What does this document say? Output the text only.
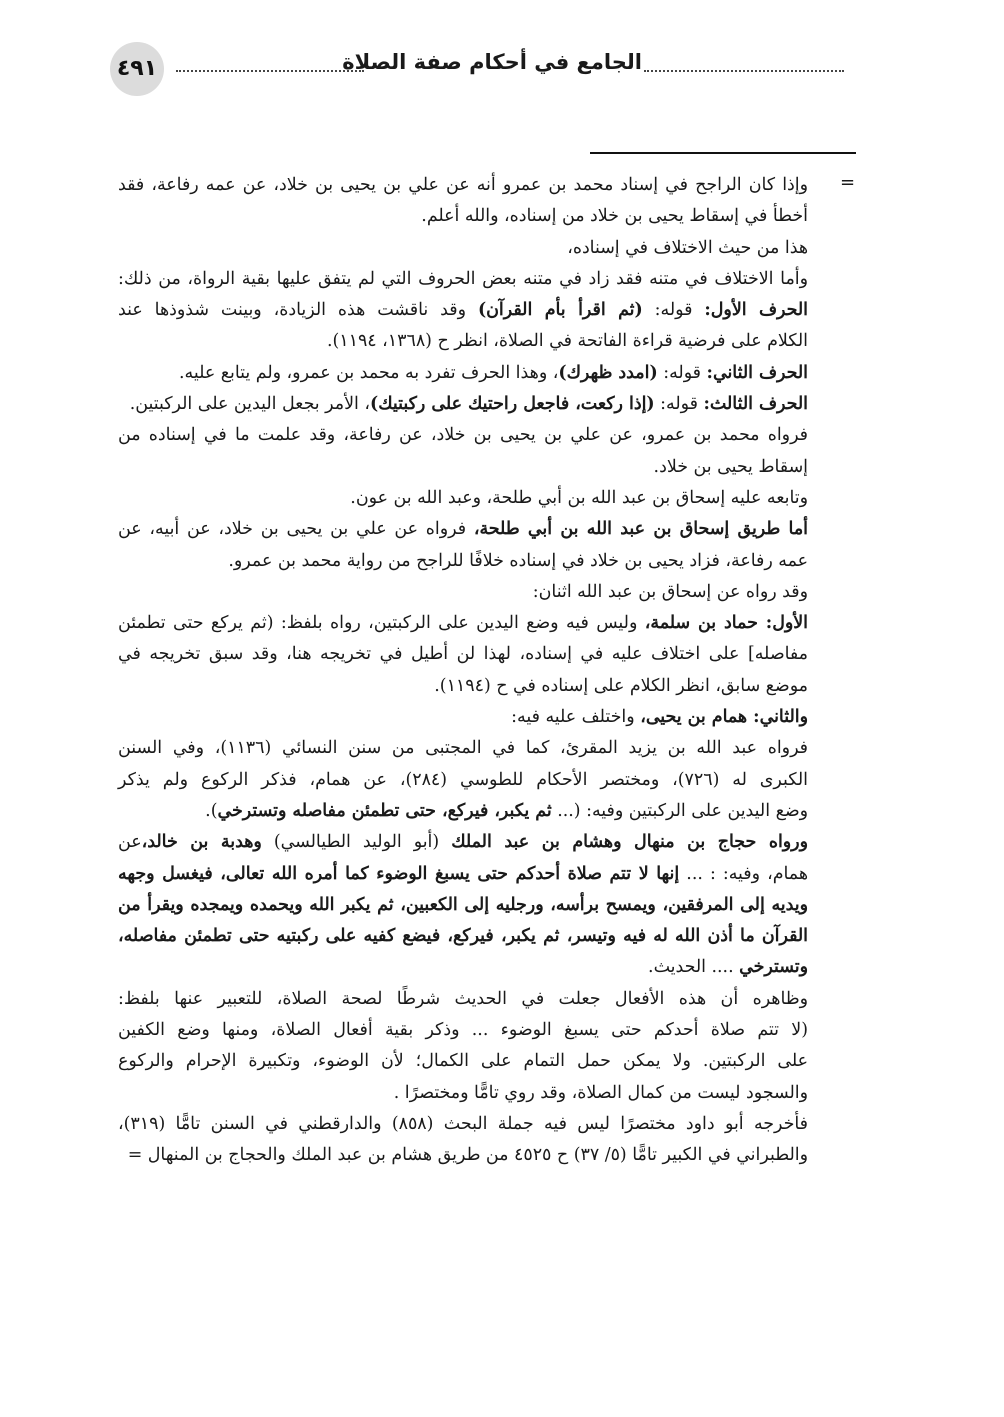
٤٩١	الجامع في أحكام صفة الصلاة
=

وإذا كان الراجح في إسناد محمد بن عمرو أنه عن علي بن يحيى بن خلاد، عن عمه رفاعة، فقد

أخطأ في إسقاط يحيى بن خلاد من إسناده، والله أعلم.

هذا من حيث الاختلاف في إسناده،

وأما الاختلاف في متنه فقد زاد في متنه بعض الحروف التي لم يتفق عليها بقية الرواة، من ذلك:

الحرف الأول: قوله: (ثم اقرأ بأم القرآن) وقد ناقشت هذه الزيادة، وبينت شذوذها عند

الكلام على فرضية قراءة الفاتحة في الصلاة، انظر ح (١٣٦٨، ١١٩٤).

الحرف الثاني: قوله: (امدد ظهرك)، وهذا الحرف تفرد به محمد بن عمرو، ولم يتابع عليه.

الحرف الثالث: قوله: (إذا ركعت، فاجعل راحتيك على ركبتيك)، الأمر بجعل اليدين على الركبتين.

فرواه محمد بن عمرو، عن علي بن يحيى بن خلاد، عن رفاعة، وقد علمت ما في إسناده من

إسقاط يحيى بن خلاد.

وتابعه عليه إسحاق بن عبد الله بن أبي طلحة، وعبد الله بن عون.

أما طريق إسحاق بن عبد الله بن أبي طلحة، فرواه عن علي بن يحيى بن خلاد، عن أبيه، عن

عمه رفاعة، فزاد يحيى بن خلاد في إسناده خلافًا للراجح من رواية محمد بن عمرو.

وقد رواه عن إسحاق بن عبد الله اثنان:

الأول: حماد بن سلمة، وليس فيه وضع اليدين على الركبتين، رواه بلفظ: (ثم يركع حتى تطمئن

مفاصله] على اختلاف عليه في إسناده، لهذا لن أطيل في تخريجه هنا، وقد سبق تخريجه في

موضع سابق، انظر الكلام على إسناده في ح (١١٩٤).

والثاني: همام بن يحيى، واختلف عليه فيه:

فرواه عبد الله بن يزيد المقرئ، كما في المجتبى من سنن النسائي (١١٣٦)، وفي السنن

الكبرى له (٧٢٦)، ومختصر الأحكام للطوسي (٢٨٤)، عن همام، فذكر الركوع ولم يذكر

وضع اليدين على الركبتين وفيه: (... ثم يكبر، فيركع، حتى تطمئن مفاصله وتسترخي).

ورواه حجاج بن منهال وهشام بن عبد الملك (أبو الوليد الطيالسي) وهدبة بن خالد،عن

همام، وفيه: : ... إنها لا تتم صلاة أحدكم حتى يسبغ الوضوء كما أمره الله تعالى، فيغسل وجهه

ويديه إلى المرفقين، ويمسح برأسه، ورجليه إلى الكعبين، ثم يكبر الله ويحمده ويمجده ويقرأ من

القرآن ما أذن الله له فيه وتيسر، ثم يكبر، فيركع، فيضع كفيه على ركبتيه حتى تطمئن مفاصله،

وتسترخي .... الحديث.

وظاهره أن هذه الأفعال جعلت في الحديث شرطًا لصحة الصلاة، للتعبير عنها بلفظ:

(لا تتم صلاة أحدكم حتى يسبغ الوضوء ... وذكر بقية أفعال الصلاة، ومنها وضع الكفين

على الركبتين. ولا يمكن حمل التمام على الكمال؛ لأن الوضوء، وتكبيرة الإحرام والركوع

والسجود ليست من كمال الصلاة، وقد روي تامًّا ومختصرًا .

فأخرجه أبو داود مختصرًا ليس فيه جملة البحث (٨٥٨) والدارقطني في السنن تامًّا (٣١٩)،

والطبراني في الكبير تامًّا (٥/ ٣٧) ح ٤٥٢٥ من طريق هشام بن عبد الملك والحجاج بن المنهال =
